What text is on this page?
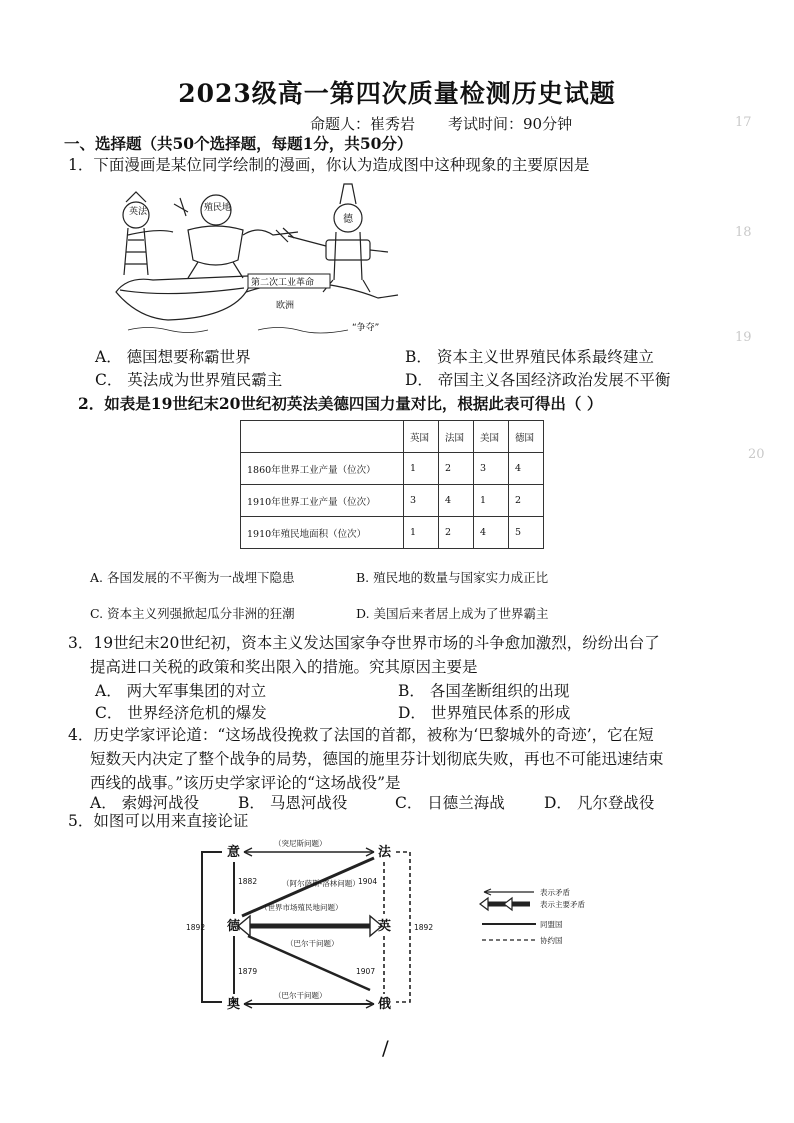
2023级高一第四次质量检测历史试题
命题人：崔秀岩 考试时间：90分钟	17
18
19
20
一、选择题（共50个选择题，每题1分，共50分）
1．下面漫画是某位同学绘制的漫画，你认为造成图中这种现象的主要原因是
英法	殖民地
德
第二次工业革命
欧洲
“争夺”
A． 德国想要称霸世界	B． 资本主义世界殖民体系最终建立
C． 英法成为世界殖民霸主	D． 帝国主义各国经济政治发展不平衡
2．如表是19世纪末20世纪初英法美德四国力量对比，根据此表可得出（ ）
	英国	法国	美国	德国
1860年世界工业产量（位次）	1	2	3	4
1910年世界工业产量（位次）	3	4	1	2
1910年殖民地面积（位次）	1	2	4	5
A. 各国发展的不平衡为一战埋下隐患	B. 殖民地的数量与国家实力成正比
C. 资本主义列强掀起瓜分非洲的狂潮	D. 美国后来者居上成为了世界霸主
3．19世纪末20世纪初，资本主义发达国家争夺世界市场的斗争愈加激烈，纷纷出台了
提高进口关税的政策和奖出限入的措施。究其原因主要是
A． 两大军事集团的对立	B． 各国垄断组织的出现
C． 世界经济危机的爆发	D． 世界殖民体系的形成
4．历史学家评论道：“这场战役挽救了法国的首都，被称为‘巴黎城外的奇迹’，它在短
短数天内决定了整个战争的局势，德国的施里芬计划彻底失败，再也不可能迅速结束
西线的战事。”该历史学家评论的“这场战役”是
A． 索姆河战役	B． 马恩河战役	C． 日德兰海战	D． 凡尔登战役
5．如图可以用来直接论证
意	法
德	英
奥	俄
（突尼斯问题）
（阿尔萨斯-洛林问题）
（世界市场殖民地问题）
（巴尔干问题）
（巴尔干问题）
1882	1904
1892	1892
1879	1907
表示矛盾
表示主要矛盾
同盟国
协约国
/
